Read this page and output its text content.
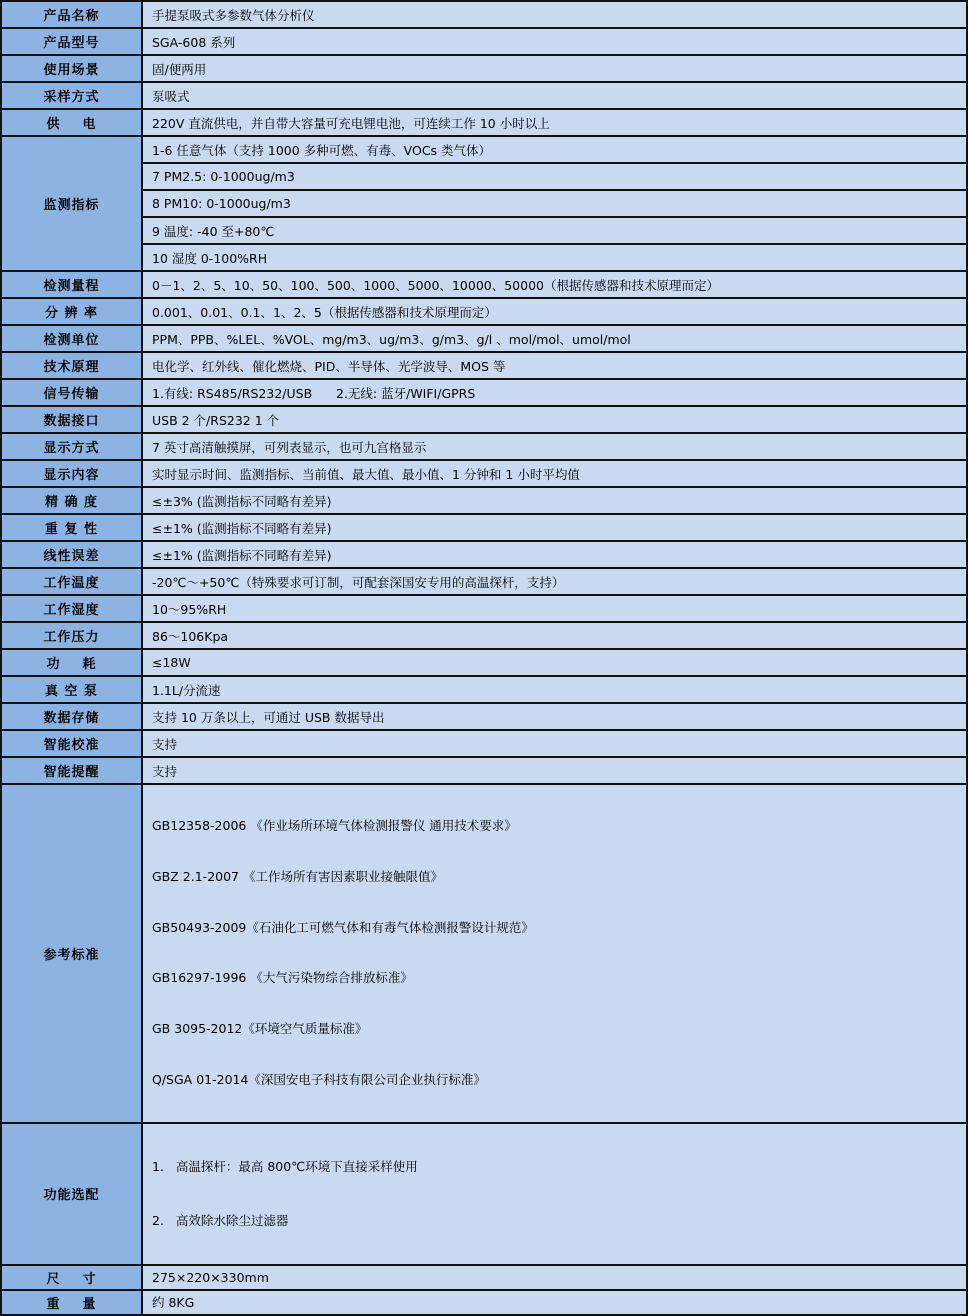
产品名称	手提泵吸式多参数气体分析仪
产品型号	SGA-608 系列
使用场景	固/便两用
采样方式	泵吸式
供    电	220V 直流供电，并自带大容量可充电锂电池，可连续工作 10 小时以上
监测指标	1-6 任意气体（支持 1000 多种可燃、有毒、VOCs 类气体）
	7 PM2.5: 0-1000ug/m3
	8 PM10: 0-1000ug/m3
	9 温度: -40 至+80℃
	10 湿度 0-100%RH
检测量程	0－1、2、5、10、50、100、500、1000、5000、10000、50000（根据传感器和技术原理而定）
分 辨 率	0.001、0.01、0.1、1、2、5（根据传感器和技术原理而定）
检测单位	PPM、PPB、%LEL、%VOL、mg/m3、ug/m3、g/m3、g/l 、mol/mol、umol/mol
技术原理	电化学、红外线、催化燃烧、PID、半导体、光学波导、MOS 等
信号传输	1.有线: RS485/RS232/USB      2.无线: 蓝牙/WIFI/GPRS
数据接口	USB 2 个/RS232 1 个
显示方式	7 英寸高清触摸屏，可列表显示，也可九宫格显示
显示内容	实时显示时间、监测指标、当前值、最大值、最小值、1 分钟和 1 小时平均值
精 确 度	≤±3% (监测指标不同略有差异)
重 复 性	≤±1% (监测指标不同略有差异)
线性误差	≤±1% (监测指标不同略有差异)
工作温度	-20℃～+50℃（特殊要求可订制，可配套深国安专用的高温探杆，支持）
工作湿度	10～95%RH
工作压力	86～106Kpa
功    耗	≤18W
真 空 泵	1.1L/分流速
数据存储	支持 10 万条以上，可通过 USB 数据导出
智能校准	支持
智能提醒	支持
参考标准	

GB12358-2006 《作业场所环境气体检测报警仪 通用技术要求》

GBZ 2.1-2007 《工作场所有害因素职业接触限值》

GB50493-2009《石油化工可燃气体和有毒气体检测报警设计规范》

GB16297-1996 《大气污染物综合排放标准》

GB 3095-2012《环境空气质量标准》

Q/SGA 01-2014《深国安电子科技有限公司企业执行标准》

功能选配	1.   高温探杆：最高 800℃环境下直接采样使用

2.   高效除水除尘过滤器

尺    寸	275×220×330mm
重    量	约 8KG
